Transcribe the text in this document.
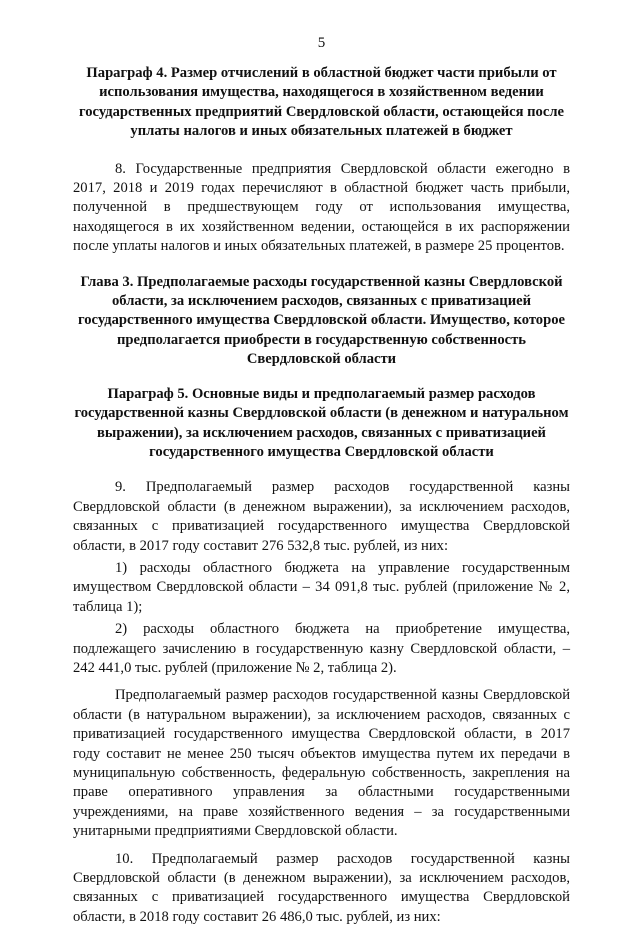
5

Параграф 4. Размер отчислений в областной бюджет части прибыли от использования имущества, находящегося в хозяйственном ведении государственных предприятий Свердловской области, остающейся после уплаты налогов и иных обязательных платежей в бюджет

8. Государственные предприятия Свердловской области ежегодно в 2017, 2018 и 2019 годах перечисляют в областной бюджет часть прибыли, полученной в предшествующем году от использования имущества, находящегося в их хозяйственном ведении, остающейся в их распоряжении после уплаты налогов и иных обязательных платежей, в размере 25 процентов.

Глава 3. Предполагаемые расходы государственной казны Свердловской области, за исключением расходов, связанных с приватизацией государственного имущества Свердловской области. Имущество, которое предполагается приобрести в государственную собственность Свердловской области

Параграф 5. Основные виды и предполагаемый размер расходов государственной казны Свердловской области (в денежном и натуральном выражении), за исключением расходов, связанных с приватизацией государственного имущества Свердловской области

9. Предполагаемый размер расходов государственной казны Свердловской области (в денежном выражении), за исключением расходов, связанных с приватизацией государственного имущества Свердловской области, в 2017 году составит 276 532,8 тыс. рублей, из них:

1) расходы областного бюджета на управление государственным имуществом Свердловской области – 34 091,8 тыс. рублей (приложение № 2, таблица 1);

2) расходы областного бюджета на приобретение имущества, подлежащего зачислению в государственную казну Свердловской области, – 242 441,0 тыс. рублей (приложение № 2, таблица 2).

Предполагаемый размер расходов государственной казны Свердловской области (в натуральном выражении), за исключением расходов, связанных с приватизацией государственного имущества Свердловской области, в 2017 году составит не менее 250 тысяч объектов имущества путем их передачи в муниципальную собственность, федеральную собственность, закрепления на праве оперативного управления за областными государственными учреждениями, на праве хозяйственного ведения – за государственными унитарными предприятиями Свердловской области.

10. Предполагаемый размер расходов государственной казны Свердловской области (в денежном выражении), за исключением расходов, связанных с приватизацией государственного имущества Свердловской области, в 2018 году составит 26 486,0 тыс. рублей, из них:
